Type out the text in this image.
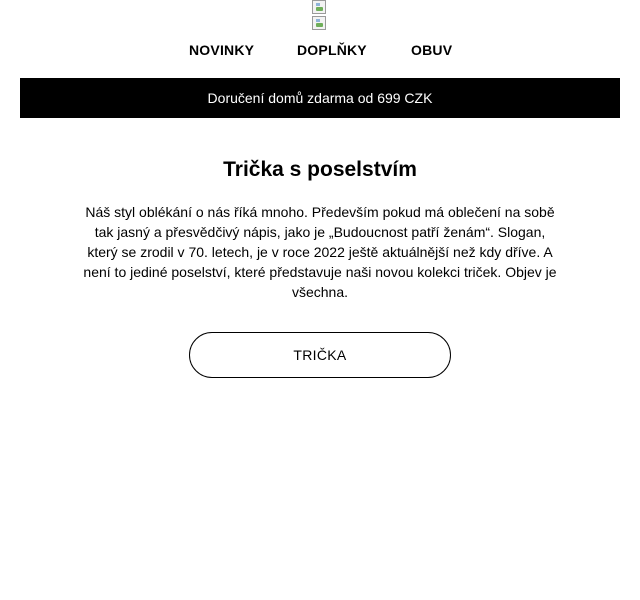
NOVINKY	DOPLŇKY	OBUV
Doručení domů zdarma od 699 CZK
Trička s poselstvím

Náš styl oblékání o nás říká mnoho. Především pokud má oblečení na sobě tak jasný a přesvědčivý nápis, jako je „Budoucnost patří ženám“. Slogan, který se zrodil v 70. letech, je v roce 2022 ještě aktuálnější než kdy dříve. A není to jediné poselství, které představuje naši novou kolekci triček. Objev je všechna.

TRIČKA
